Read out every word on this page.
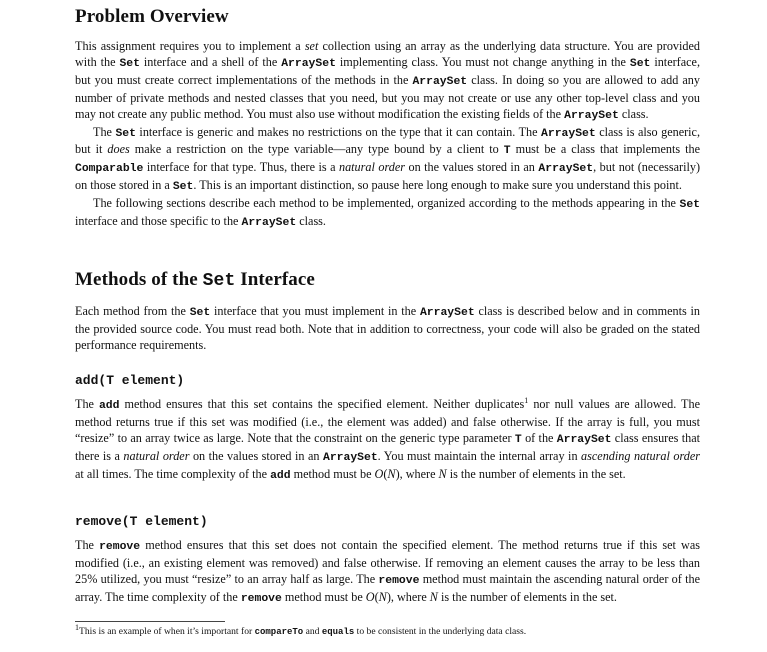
Problem Overview

This assignment requires you to implement a set collection using an array as the underlying data structure. You are provided with the Set interface and a shell of the ArraySet implementing class. You must not change anything in the Set interface, but you must create correct implementations of the methods in the ArraySet class. In doing so you are allowed to add any number of private methods and nested classes that you need, but you may not create or use any other top-level class and you may not create any public method. You must also use without modification the existing fields of the ArraySet class.

The Set interface is generic and makes no restrictions on the type that it can contain. The ArraySet class is also generic, but it does make a restriction on the type variable—any type bound by a client to T must be a class that implements the Comparable interface for that type. Thus, there is a natural order on the values stored in an ArraySet, but not (necessarily) on those stored in a Set. This is an important distinction, so pause here long enough to make sure you understand this point.

The following sections describe each method to be implemented, organized according to the methods appearing in the Set interface and those specific to the ArraySet class.

Methods of the Set Interface

Each method from the Set interface that you must implement in the ArraySet class is described below and in comments in the provided source code. You must read both. Note that in addition to correctness, your code will also be graded on the stated performance requirements.

add(T element)

The add method ensures that this set contains the specified element. Neither duplicates$^1$ nor null values are allowed. The method returns true if this set was modified (i.e., the element was added) and false otherwise. If the array is full, you must “resize” to an array twice as large. Note that the constraint on the generic type parameter T of the ArraySet class ensures that there is a natural order on the values stored in an ArraySet. You must maintain the internal array in ascending natural order at all times. The time complexity of the add method must be O(N), where N is the number of elements in the set.

remove(T element)

The remove method ensures that this set does not contain the specified element. The method returns true if this set was modified (i.e., an existing element was removed) and false otherwise. If removing an element causes the array to be less than 25% utilized, you must “resize” to an array half as large. The remove method must maintain the ascending natural order of the array. The time complexity of the remove method must be O(N), where N is the number of elements in the set.

$^1$This is an example of when it’s important for compareTo and equals to be consistent in the underlying data class.
